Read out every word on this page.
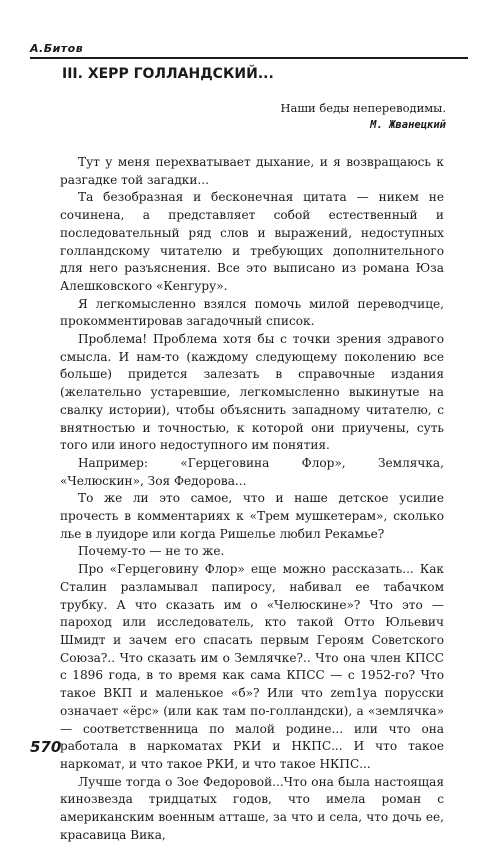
А.Битов
III. ХЕРР ГОЛЛАНДСКИЙ...
Наши беды непереводимы.
М. Жванецкий

Тут у меня перехватывает дыхание, и я возвращаюсь к разгадке той загадки...

Та безобразная и бесконечная цитата — никем не сочинена, а представляет собой естественный и последовательный ряд слов и выражений, недоступных голландскому читателю и требующих дополнительного для него разъяснения. Все это выписано из романа Юза Алешковского «Кенгуру».

Я легкомысленно взялся помочь милой переводчице, прокомментировав загадочный список.

Проблема! Проблема хотя бы с точки зрения здравого смысла. И нам-то (каждому следующему поколению все больше) придется залезать в справочные издания (желательно устаревшие, легкомысленно выкинутые на свалку истории), чтобы объяснить западному читателю, с внятностью и точностью, к которой они приучены, суть того или иного недоступного им понятия.

Например: «Герцеговина Флор», Землячка, «Челюскин», Зоя Федорова...

То же ли это самое, что и наше детское усилие прочесть в комментариях к «Трем мушкетерам», сколько лье в луидоре или когда Ришелье любил Рекамье?

Почему-то — не то же.

Про «Герцеговину Флор» еще можно рассказать... Как Сталин разламывал папиросу, набивал ее табачком трубку. А что сказать им о «Челюскине»? Что это — пароход или исследователь, кто такой Отто Юльевич Шмидт и зачем его спасать первым Героям Советского Союза?.. Что сказать им о Землячке?.. Что она член КПСС с 1896 года, в то время как сама КПСС — с 1952-го? Что такое ВКП и маленькое «б»? Или что zem1ya порусски означает «ёрс» (или как там по-голландски), а «землячка» — соответственница по малой родине... или что она работала в наркоматах РКИ и НКПС... И что такое наркомат, и что такое РКИ, и что такое НКПС...

Лучше тогда о Зое Федоровой...Что она была настоящая кинозвезда тридцатых годов, что имела роман с американским военным атташе, за что и села, что дочь ее, красавица Вика,

570
